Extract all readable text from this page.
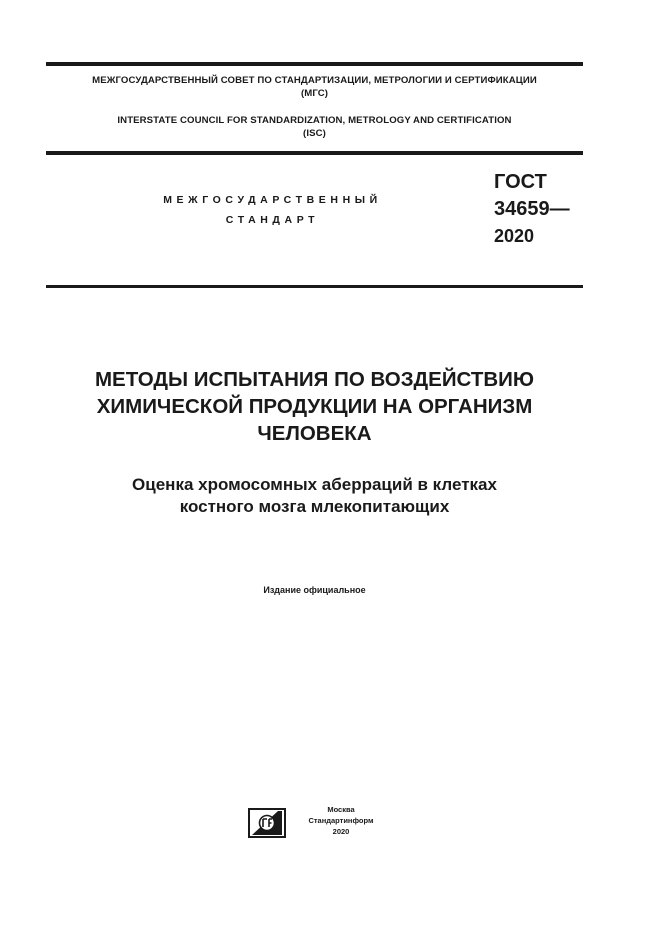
МЕЖГОСУДАРСТВЕННЫЙ СОВЕТ ПО СТАНДАРТИЗАЦИИ, МЕТРОЛОГИИ И СЕРТИФИКАЦИИ
(МГС)
INTERSTATE COUNCIL FOR STANDARDIZATION, METROLOGY AND CERTIFICATION
(ISC)
МЕЖГОСУДАРСТВЕННЫЙ
СТАНДАРТ
ГОСТ
34659—
2020
МЕТОДЫ ИСПЫТАНИЯ ПО ВОЗДЕЙСТВИЮ
ХИМИЧЕСКОЙ ПРОДУКЦИИ НА ОРГАНИЗМ
ЧЕЛОВЕКА
Оценка хромосомных аберраций в клетках
костного мозга млекопитающих
Издание официальное
Москва
Стандартинформ
2020
